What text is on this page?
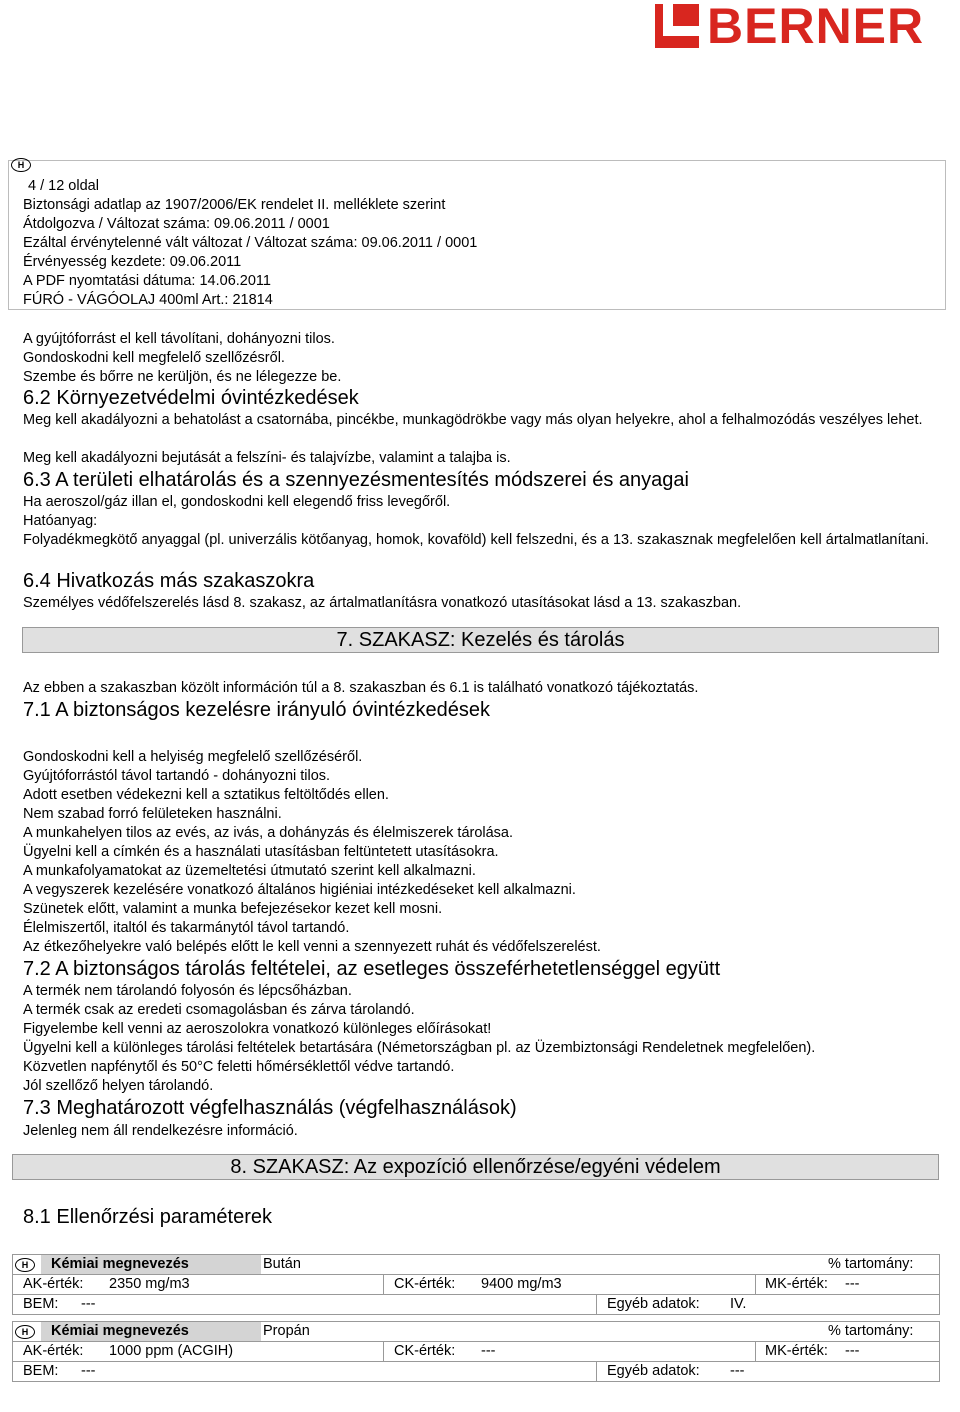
BERNER
H
4 / 12 oldal
Biztonsági adatlap az 1907/2006/EK rendelet II. melléklete szerint
Átdolgozva / Változat száma: 09.06.2011 / 0001
Ezáltal érvénytelenné vált változat / Változat száma: 09.06.2011 / 0001
Érvényesség kezdete: 09.06.2011
A PDF nyomtatási dátuma: 14.06.2011
FÚRÓ - VÁGÓOLAJ 400ml Art.: 21814
A gyújtóforrást el kell távolítani, dohányozni tilos.
Gondoskodni kell megfelelő szellőzésről.
Szembe és bőrre ne kerüljön, és ne lélegezze be.
6.2 Környezetvédelmi óvintézkedések
Meg kell akadályozni a behatolást a csatornába, pincékbe, munkagödrökbe vagy más olyan helyekre, ahol a felhalmozódás veszélyes lehet.
Meg kell akadályozni bejutását a felszíni- és talajvízbe, valamint a talajba is.
6.3 A területi elhatárolás és a szennyezésmentesítés módszerei és anyagai
Ha aeroszol/gáz illan el, gondoskodni kell elegendő friss levegőről.
Hatóanyag:
Folyadékmegkötő anyaggal (pl. univerzális kötőanyag, homok, kovaföld) kell felszedni, és a 13. szakasznak megfelelően kell ártalmatlanítani.
6.4 Hivatkozás más szakaszokra
Személyes védőfelszerelés lásd 8. szakasz, az ártalmatlanításra vonatkozó utasításokat lásd a 13. szakaszban.
7. SZAKASZ: Kezelés és tárolás
Az ebben a szakaszban közölt információn túl a 8. szakaszban és 6.1 is található vonatkozó tájékoztatás.
7.1 A biztonságos kezelésre irányuló óvintézkedések
Gondoskodni kell a helyiség megfelelő szellőzéséről.
Gyújtóforrástól távol tartandó - dohányozni tilos.
Adott esetben védekezni kell a sztatikus feltöltődés ellen.
Nem szabad forró felületeken használni.
A munkahelyen tilos az evés, az ivás, a dohányzás és élelmiszerek tárolása.
Ügyelni kell a címkén és a használati utasításban feltüntetett utasításokra.
A munkafolyamatokat az üzemeltetési útmutató szerint kell alkalmazni.
A vegyszerek kezelésére vonatkozó általános higiéniai intézkedéseket kell alkalmazni.
Szünetek előtt, valamint a munka befejezésekor kezet kell mosni.
Élelmiszertől, italtól és takarmánytól távol tartandó.
Az étkezőhelyekre való belépés előtt le kell venni a szennyezett ruhát és védőfelszerelést.
7.2 A biztonságos tárolás feltételei, az esetleges összeférhetetlenséggel együtt
A termék nem tárolandó folyosón és lépcsőházban.
A termék csak az eredeti csomagolásban és zárva tárolandó.
Figyelembe kell venni az aeroszolokra vonatkozó különleges előírásokat!
Ügyelni kell a különleges tárolási feltételek betartására (Németországban pl. az Üzembiztonsági Rendeletnek megfelelően).
Közvetlen napfénytől és 50°C feletti hőmérséklettől védve tartandó.
Jól szellőző helyen tárolandó.
7.3 Meghatározott végfelhasználás (végfelhasználások)
Jelenleg nem áll rendelkezésre információ.
8. SZAKASZ: Az expozíció ellenőrzése/egyéni védelem
8.1 Ellenőrzési paraméterek
H	Kémiai megnevezés	Bután	% tartomány:
AK-érték: 2350 mg/m3	CK-érték: 9400 mg/m3	MK-érték: ---
BEM: ---	Egyéb adatok: IV.
H	Kémiai megnevezés	Propán	% tartomány:
AK-érték: 1000 ppm (ACGIH)	CK-érték: ---	MK-érték: ---
BEM: ---	Egyéb adatok: ---
